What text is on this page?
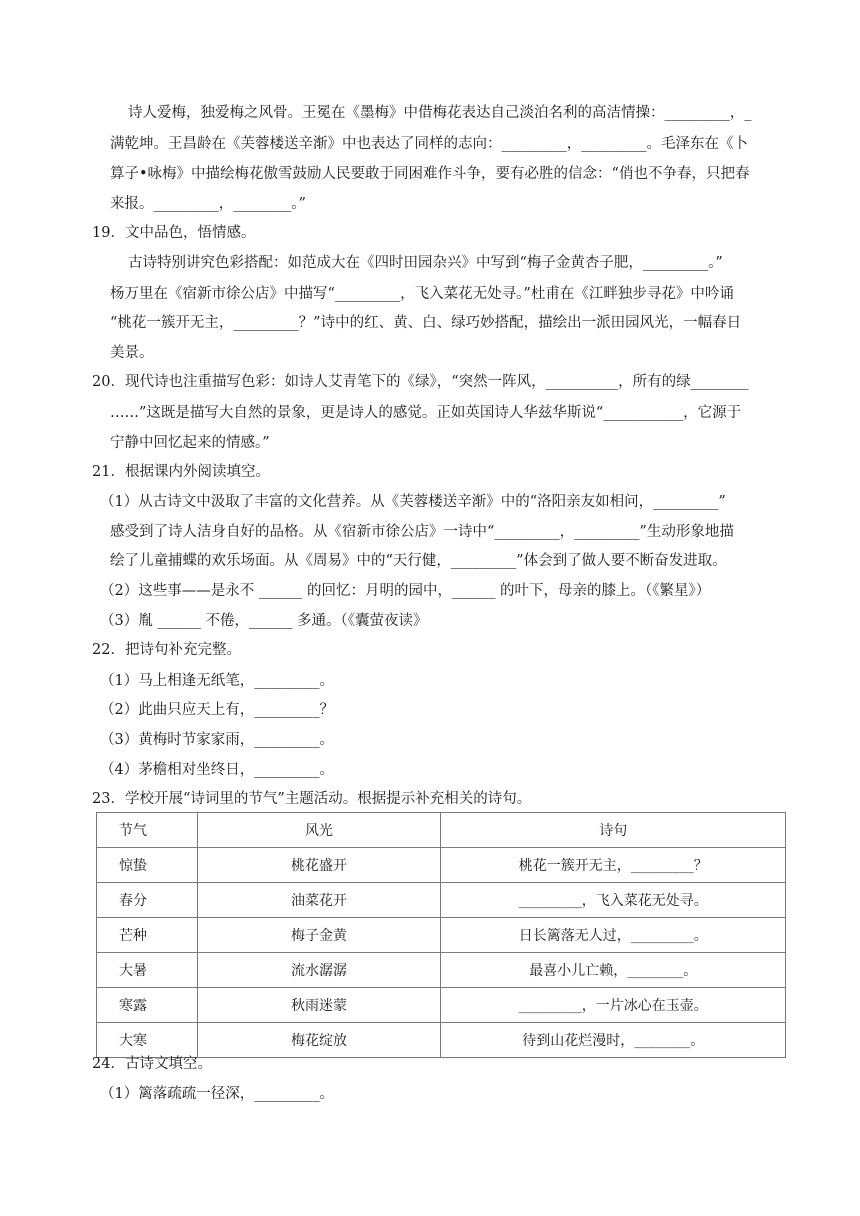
诗人爱梅，独爱梅之风骨。王冕在《墨梅》中借梅花表达自己淡泊名利的高洁情操：_________，_
满乾坤。王昌龄在《芙蓉楼送辛渐》中也表达了同样的志向：_________，_________。毛泽东在《卜
算子•咏梅》中描绘梅花傲雪鼓励人民要敢于同困难作斗争，要有必胜的信念：“俏也不争春，只把春
来报。_________，________。”
19．文中品色，悟情感。
古诗特别讲究色彩搭配：如范成大在《四时田园杂兴》中写到“梅子金黄杏子肥，_________。”
杨万里在《宿新市徐公店》中描写“_________，飞入菜花无处寻。”杜甫在《江畔独步寻花》中吟诵
“桃花一簇开无主，_________？”诗中的红、黄、白、绿巧妙搭配，描绘出一派田园风光，一幅春日
美景。
20．现代诗也注重描写色彩：如诗人艾青笔下的《绿》，“突然一阵风，__________，所有的绿________
……”这既是描写大自然的景象，更是诗人的感觉。正如英国诗人华兹华斯说“___________，它源于
宁静中回忆起来的情感。”
21．根据课内外阅读填空。
（1）从古诗文中汲取了丰富的文化营养。从《芙蓉楼送辛渐》中的“洛阳亲友如相问，_________”
感受到了诗人洁身自好的品格。从《宿新市徐公店》一诗中“_________，_________”生动形象地描
绘了儿童捕蝶的欢乐场面。从《周易》中的“天行健，_________”体会到了做人要不断奋发进取。
（2）这些事——是永不 ______ 的回忆：月明的园中，______ 的叶下，母亲的膝上。（《繁星》）
（3）胤 ______ 不倦，______ 多通。（《囊萤夜读》
22．把诗句补充完整。
（1）马上相逢无纸笔，_________。
（2）此曲只应天上有，_________？
（3）黄梅时节家家雨，_________。
（4）茅檐相对坐终日，_________。
23．学校开展“诗词里的节气”主题活动。根据提示补充相关的诗句。
节气	风光	诗句
惊蛰	桃花盛开	桃花一簇开无主，_________？
春分	油菜花开	_________，飞入菜花无处寻。
芒种	梅子金黄	日长篱落无人过，_________。
大暑	流水潺潺	最喜小儿亡赖，________。
寒露	秋雨迷蒙	_________，一片冰心在玉壶。
大寒	梅花绽放	待到山花烂漫时，________。
24．古诗文填空。
（1）篱落疏疏一径深，_________。
